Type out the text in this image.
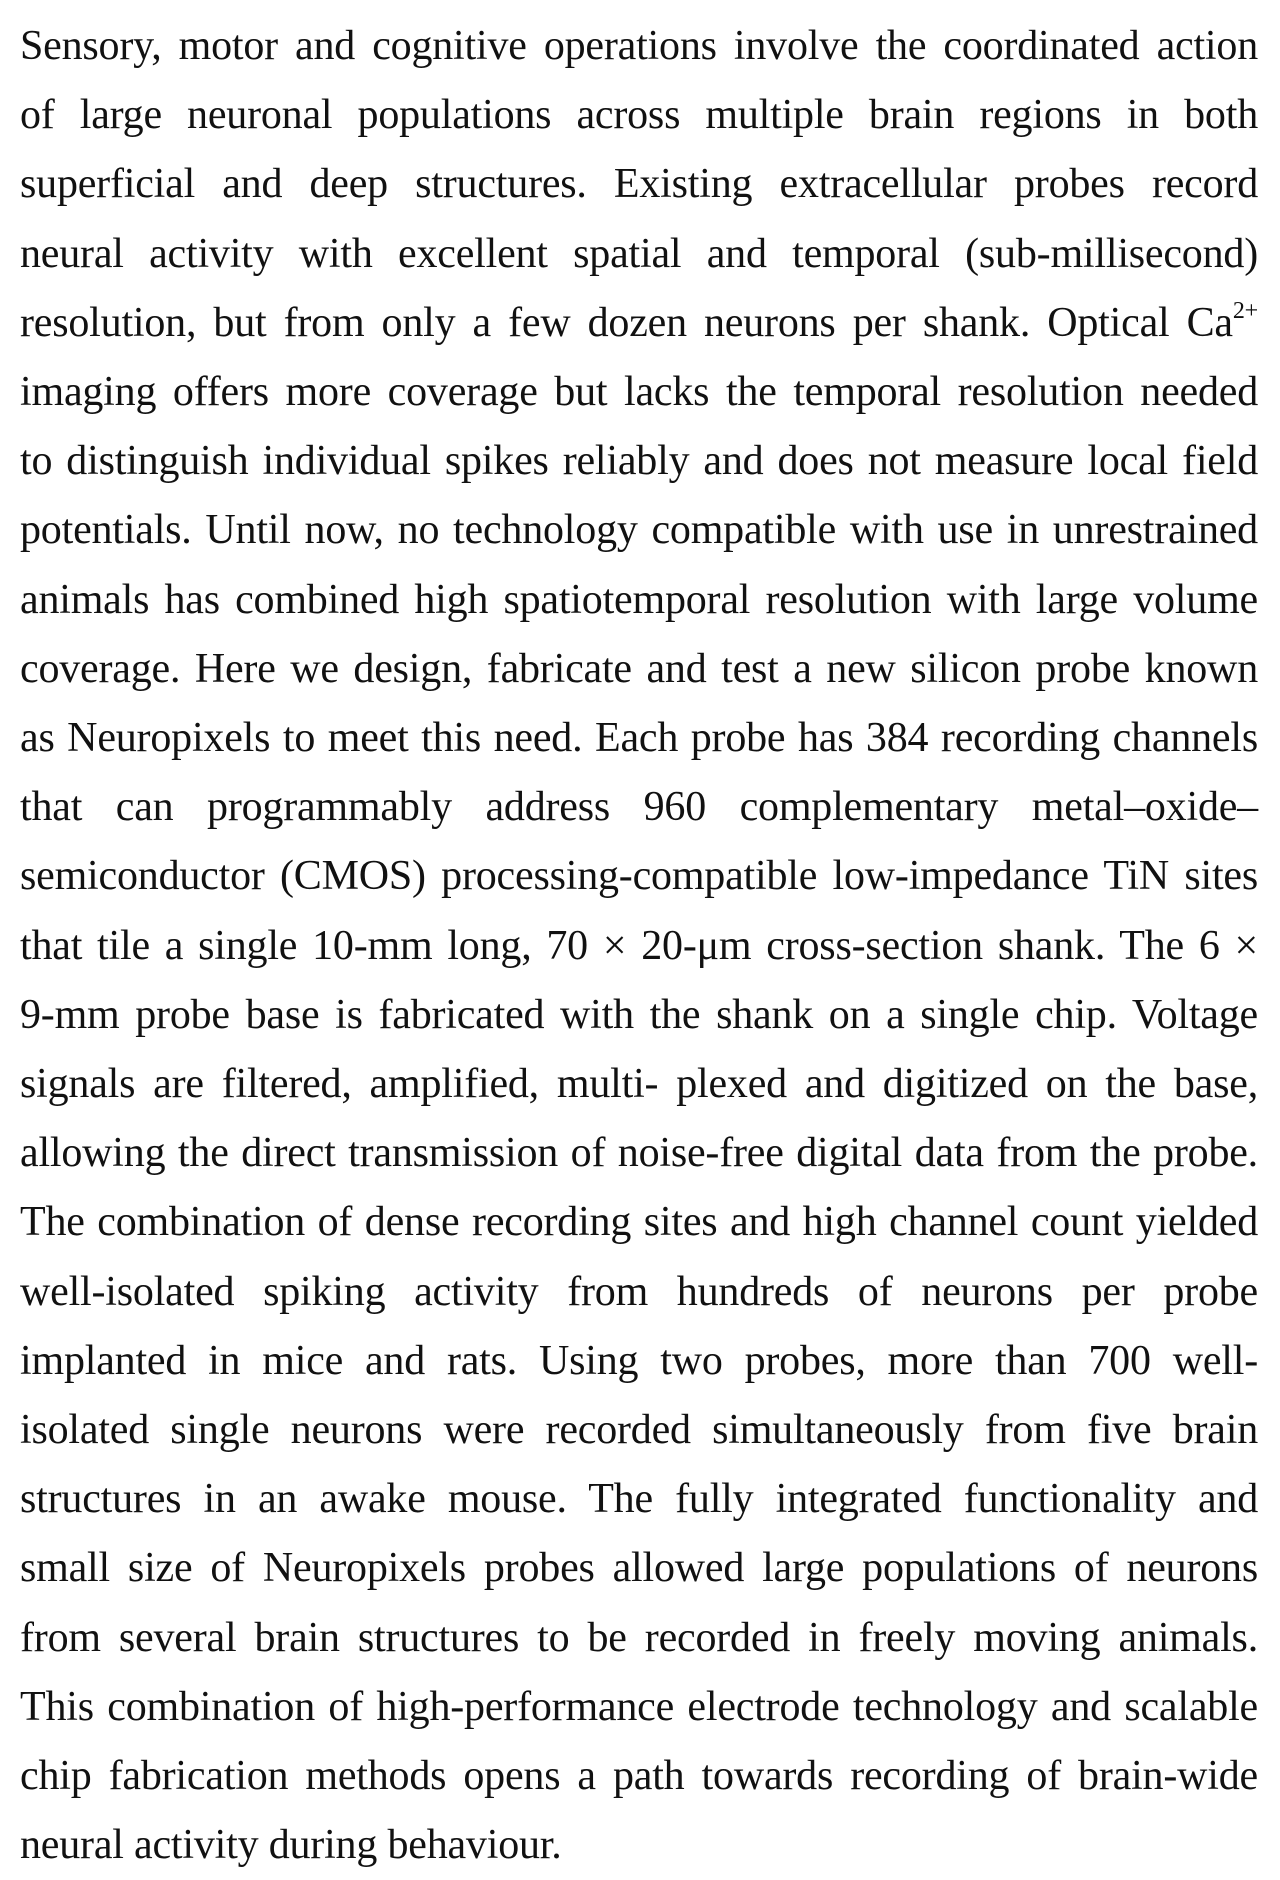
Sensory, motor and cognitive operations involve the coordinated action
of large neuronal populations across multiple brain regions in both
superficial and deep structures. Existing extracellular probes record
neural activity with excellent spatial and temporal (sub-millisecond)
resolution, but from only a few dozen neurons per shank. Optical $Ca^{2+}$
imaging offers more coverage but lacks the temporal resolution needed
to distinguish individual spikes reliably and does not measure local field
potentials. Until now, no technology compatible with use in unrestrained
animals has combined high spatiotemporal resolution with large volume
coverage. Here we design, fabricate and test a new silicon probe known
as Neuropixels to meet this need. Each probe has 384 recording channels
that can programmably address 960 complementary metal–oxide–
semiconductor (CMOS) processing-compatible low-impedance TiN sites
that tile a single 10-mm long, 70 × 20-μm cross-section shank. The 6 ×
9-mm probe base is fabricated with the shank on a single chip. Voltage
signals are filtered, amplified, multi- plexed and digitized on the base,
allowing the direct transmission of noise-free digital data from the probe.
The combination of dense recording sites and high channel count yielded
well-isolated spiking activity from hundreds of neurons per probe
implanted in mice and rats. Using two probes, more than 700 well-
isolated single neurons were recorded simultaneously from five brain
structures in an awake mouse. The fully integrated functionality and
small size of Neuropixels probes allowed large populations of neurons
from several brain structures to be recorded in freely moving animals.
This combination of high-performance electrode technology and scalable
chip fabrication methods opens a path towards recording of brain-wide
neural activity during behaviour.
